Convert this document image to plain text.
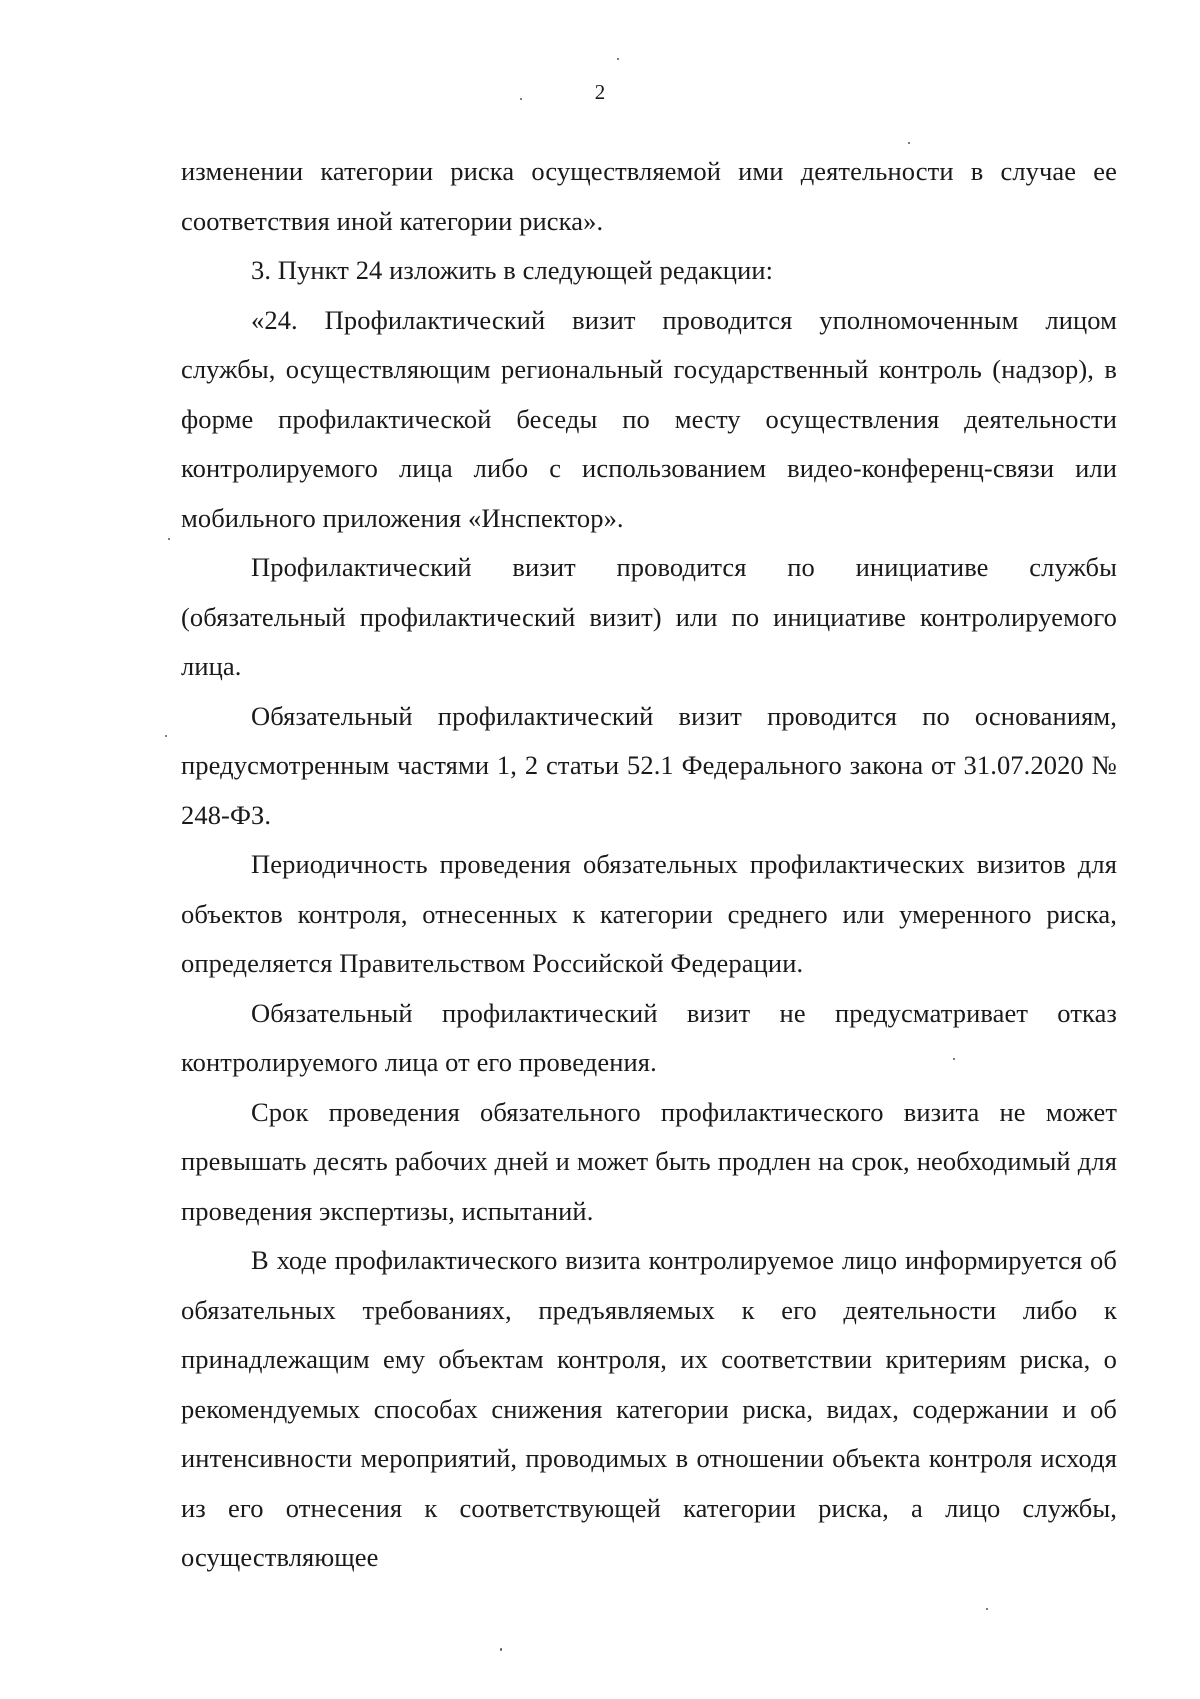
2

изменении категории риска осуществляемой ими деятельности в случае ее соответствия иной категории риска».

3. Пункт 24 изложить в следующей редакции:

«24. Профилактический визит проводится уполномоченным лицом службы, осуществляющим региональный государственный контроль (надзор), в форме профилактической беседы по месту осуществления деятельности контролируемого лица либо с использованием видео-конференц-связи или мобильного приложения «Инспектор».

Профилактический визит проводится по инициативе службы (обязательный профилактический визит) или по инициативе контролируемого лица.

Обязательный профилактический визит проводится по основаниям, предусмотренным частями 1, 2 статьи 52.1 Федерального закона от 31.07.2020 № 248-ФЗ.

Периодичность проведения обязательных профилактических визитов для объектов контроля, отнесенных к категории среднего или умеренного риска, определяется Правительством Российской Федерации.

Обязательный профилактический визит не предусматривает отказ контролируемого лица от его проведения.

Срок проведения обязательного профилактического визита не может превышать десять рабочих дней и может быть продлен на срок, необходимый для проведения экспертизы, испытаний.

В ходе профилактического визита контролируемое лицо информируется об обязательных требованиях, предъявляемых к его деятельности либо к принадлежащим ему объектам контроля, их соответствии критериям риска, о рекомендуемых способах снижения категории риска, видах, содержании и об интенсивности мероприятий, проводимых в отношении объекта контроля исходя из его отнесения к соответствующей категории риска, а лицо службы, осуществляющее
